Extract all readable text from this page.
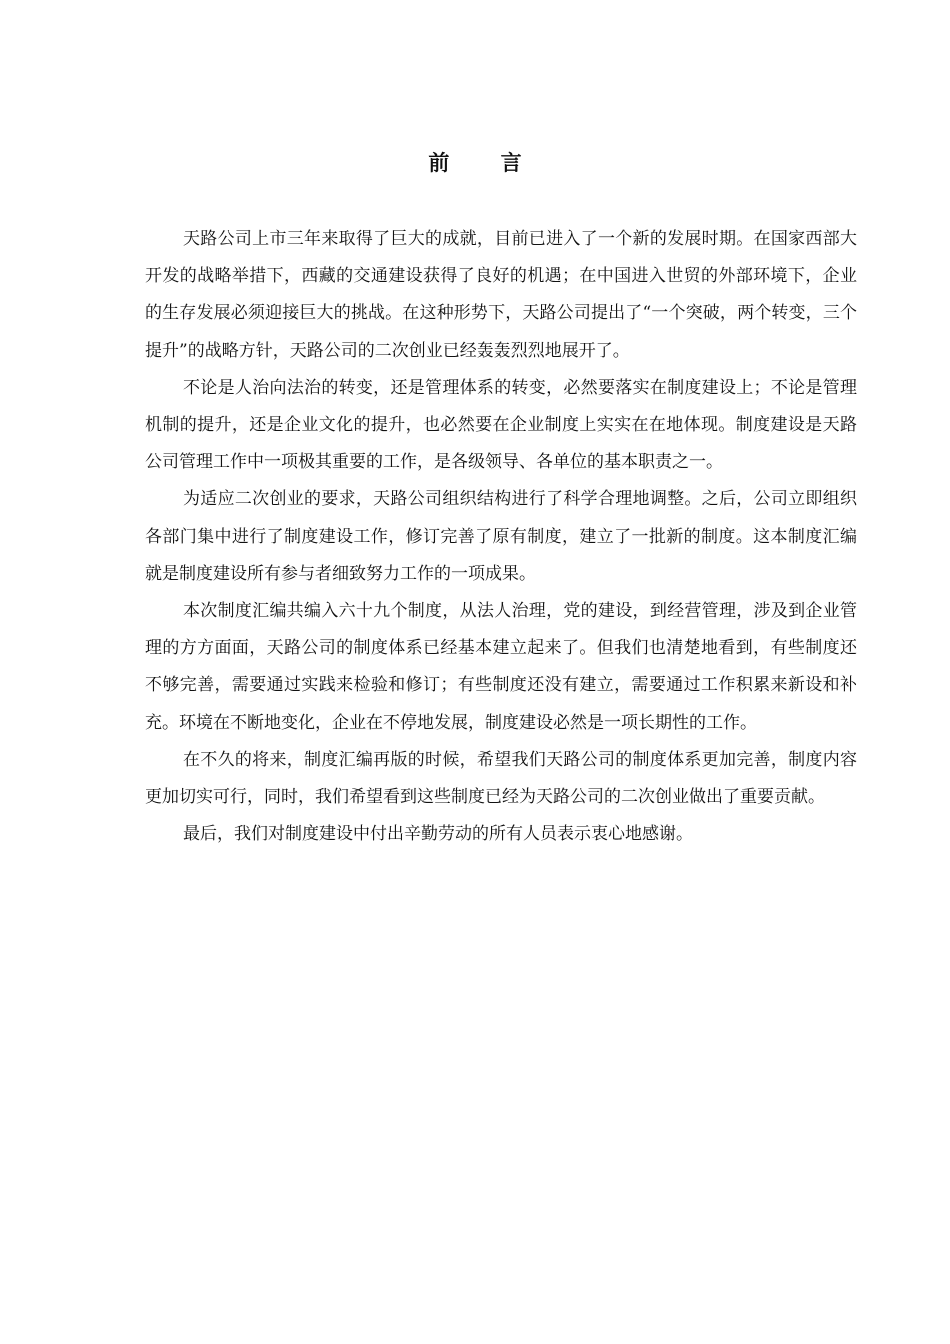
前 言

天路公司上市三年来取得了巨大的成就，目前已进入了一个新的发展时期。在国家西部大开发的战略举措下，西藏的交通建设获得了良好的机遇；在中国进入世贸的外部环境下，企业的生存发展必须迎接巨大的挑战。在这种形势下，天路公司提出了“一个突破，两个转变，三个提升”的战略方针，天路公司的二次创业已经轰轰烈烈地展开了。

不论是人治向法治的转变，还是管理体系的转变，必然要落实在制度建设上；不论是管理机制的提升，还是企业文化的提升，也必然要在企业制度上实实在在地体现。制度建设是天路公司管理工作中一项极其重要的工作，是各级领导、各单位的基本职责之一。

为适应二次创业的要求，天路公司组织结构进行了科学合理地调整。之后，公司立即组织各部门集中进行了制度建设工作，修订完善了原有制度，建立了一批新的制度。这本制度汇编就是制度建设所有参与者细致努力工作的一项成果。

本次制度汇编共编入六十九个制度，从法人治理，党的建设，到经营管理，涉及到企业管理的方方面面，天路公司的制度体系已经基本建立起来了。但我们也清楚地看到，有些制度还不够完善，需要通过实践来检验和修订；有些制度还没有建立，需要通过工作积累来新设和补充。环境在不断地变化，企业在不停地发展，制度建设必然是一项长期性的工作。

在不久的将来，制度汇编再版的时候，希望我们天路公司的制度体系更加完善，制度内容更加切实可行，同时，我们希望看到这些制度已经为天路公司的二次创业做出了重要贡献。

最后，我们对制度建设中付出辛勤劳动的所有人员表示衷心地感谢。
